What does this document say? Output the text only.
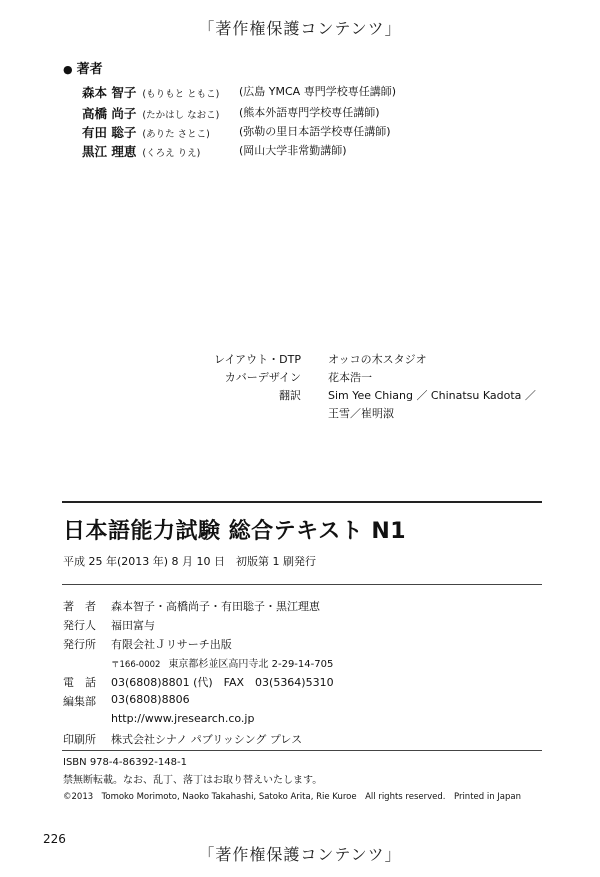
「著作権保護コンテンツ」
● 著者
森本 智子 (もりもと ともこ) (広島 YMCA 専門学校専任講師)
高橋 尚子 (たかはし なおこ) (熊本外語専門学校専任講師)
有田 聡子 (ありた さとこ)	(弥勒の里日本語学校専任講師)
黒江 理恵 (くろえ りえ)	(岡山大学非常勤講師)
レイアウト・DTP オッコの木スタジオ
カバーデザイン 花本浩一
翻訳 Sim Yee Chiang ／ Chinatsu Kadota ／
王雪／崔明淑
日本語能力試験 総合テキスト N1
平成 25 年(2013 年) 8 月 10 日　初版第 1 刷発行
著　者 森本智子・高橋尚子・有田聡子・黒江理恵
発行人 福田富与
発行所 有限会社Ｊリサーチ出版
〒166-0002 東京都杉並区高円寺北 2-29-14-705
電　話 03(6808)8801 (代)　FAX　03(5364)5310
編集部 03(6808)8806
http://www.jresearch.co.jp
印刷所 株式会社シナノ パブリッシング プレス
ISBN 978-4-86392-148-1
禁無断転載。なお、乱丁、落丁はお取り替えいたします。
©2013　Tomoko Morimoto, Naoko Takahashi, Satoko Arita, Rie Kuroe　All rights reserved.　Printed in Japan
226
「著作権保護コンテンツ」
